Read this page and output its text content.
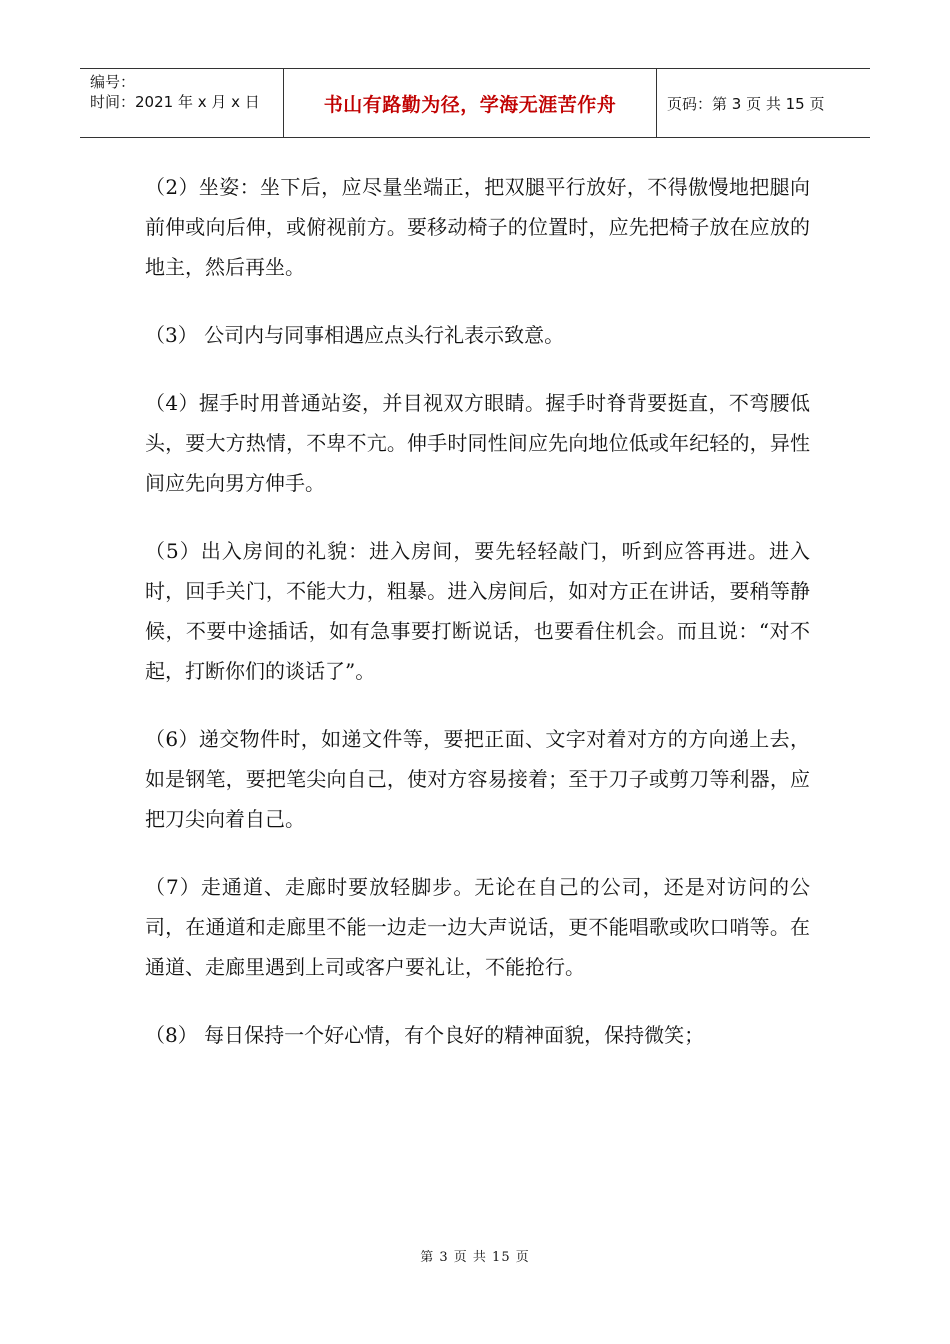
编号：
时间：2021 年 x 月 x 日	书山有路勤为径，学海无涯苦作舟	页码：第 3 页 共 15 页

（2）坐姿：坐下后，应尽量坐端正，把双腿平行放好，不得傲慢地把腿向前伸或向后伸，或俯视前方。要移动椅子的位置时，应先把椅子放在应放的地主，然后再坐。

（3） 公司内与同事相遇应点头行礼表示致意。

（4）握手时用普通站姿，并目视双方眼睛。握手时脊背要挺直，不弯腰低头，要大方热情，不卑不亢。伸手时同性间应先向地位低或年纪轻的，异性间应先向男方伸手。

（5）出入房间的礼貌：进入房间，要先轻轻敲门，听到应答再进。进入时，回手关门，不能大力，粗暴。进入房间后，如对方正在讲话，要稍等静候，不要中途插话，如有急事要打断说话，也要看住机会。而且说：“对不起，打断你们的谈话了”。

（6）递交物件时，如递文件等，要把正面、文字对着对方的方向递上去，如是钢笔，要把笔尖向自己，使对方容易接着；至于刀子或剪刀等利器，应把刀尖向着自己。

（7）走通道、走廊时要放轻脚步。无论在自己的公司，还是对访问的公司，在通道和走廊里不能一边走一边大声说话，更不能唱歌或吹口哨等。在通道、走廊里遇到上司或客户要礼让，不能抢行。

（8） 每日保持一个好心情，有个良好的精神面貌，保持微笑；

第 3 页 共 15 页
